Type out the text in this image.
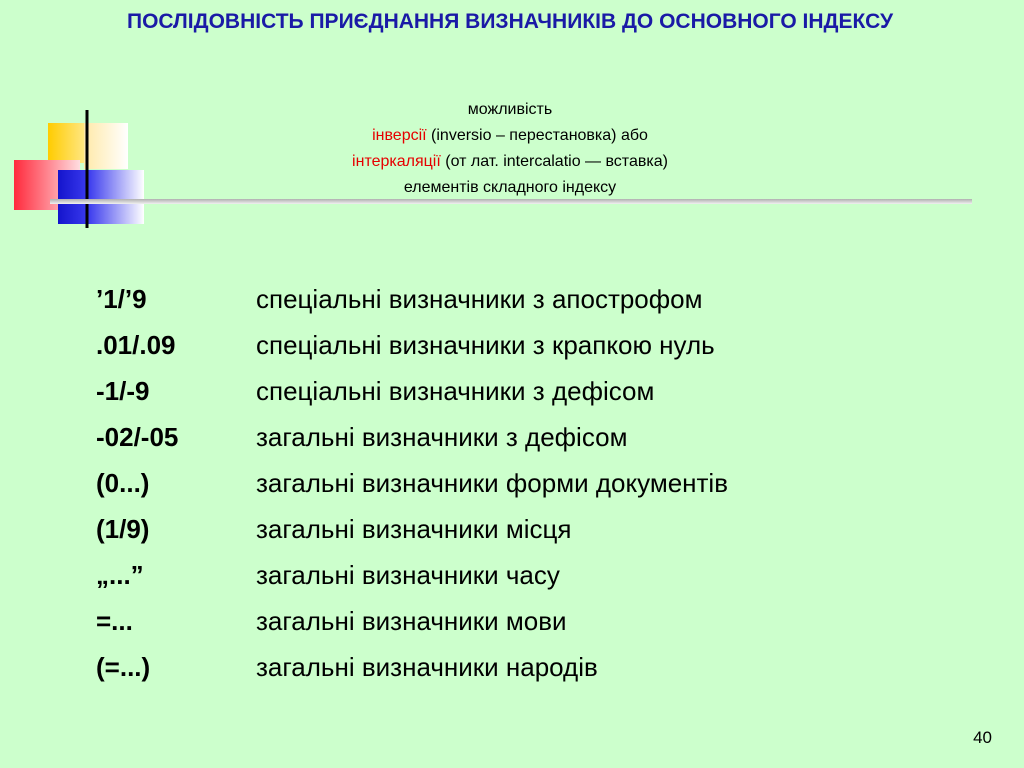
ПОСЛІДОВНІСТЬ ПРИЄДНАННЯ ВИЗНАЧНИКІВ ДО ОСНОВНОГО ІНДЕКСУ
можливість
інверсії (inversio – перестановка) або
інтеркаляції (от лат. intercalatio — вставка)
елементів складного індексу
’1/’9	спеціальні визначники з апострофом
.01/.09	спеціальні визначники з крапкою нуль
-1/-9	спеціальні визначники з дефісом
-02/-05	загальні визначники з дефісом
(0...)	загальні визначники форми документів
(1/9)	загальні визначники місця
„...”	загальні визначники часу
=...	загальні визначники мови
(=...)	загальні визначники народів
40
